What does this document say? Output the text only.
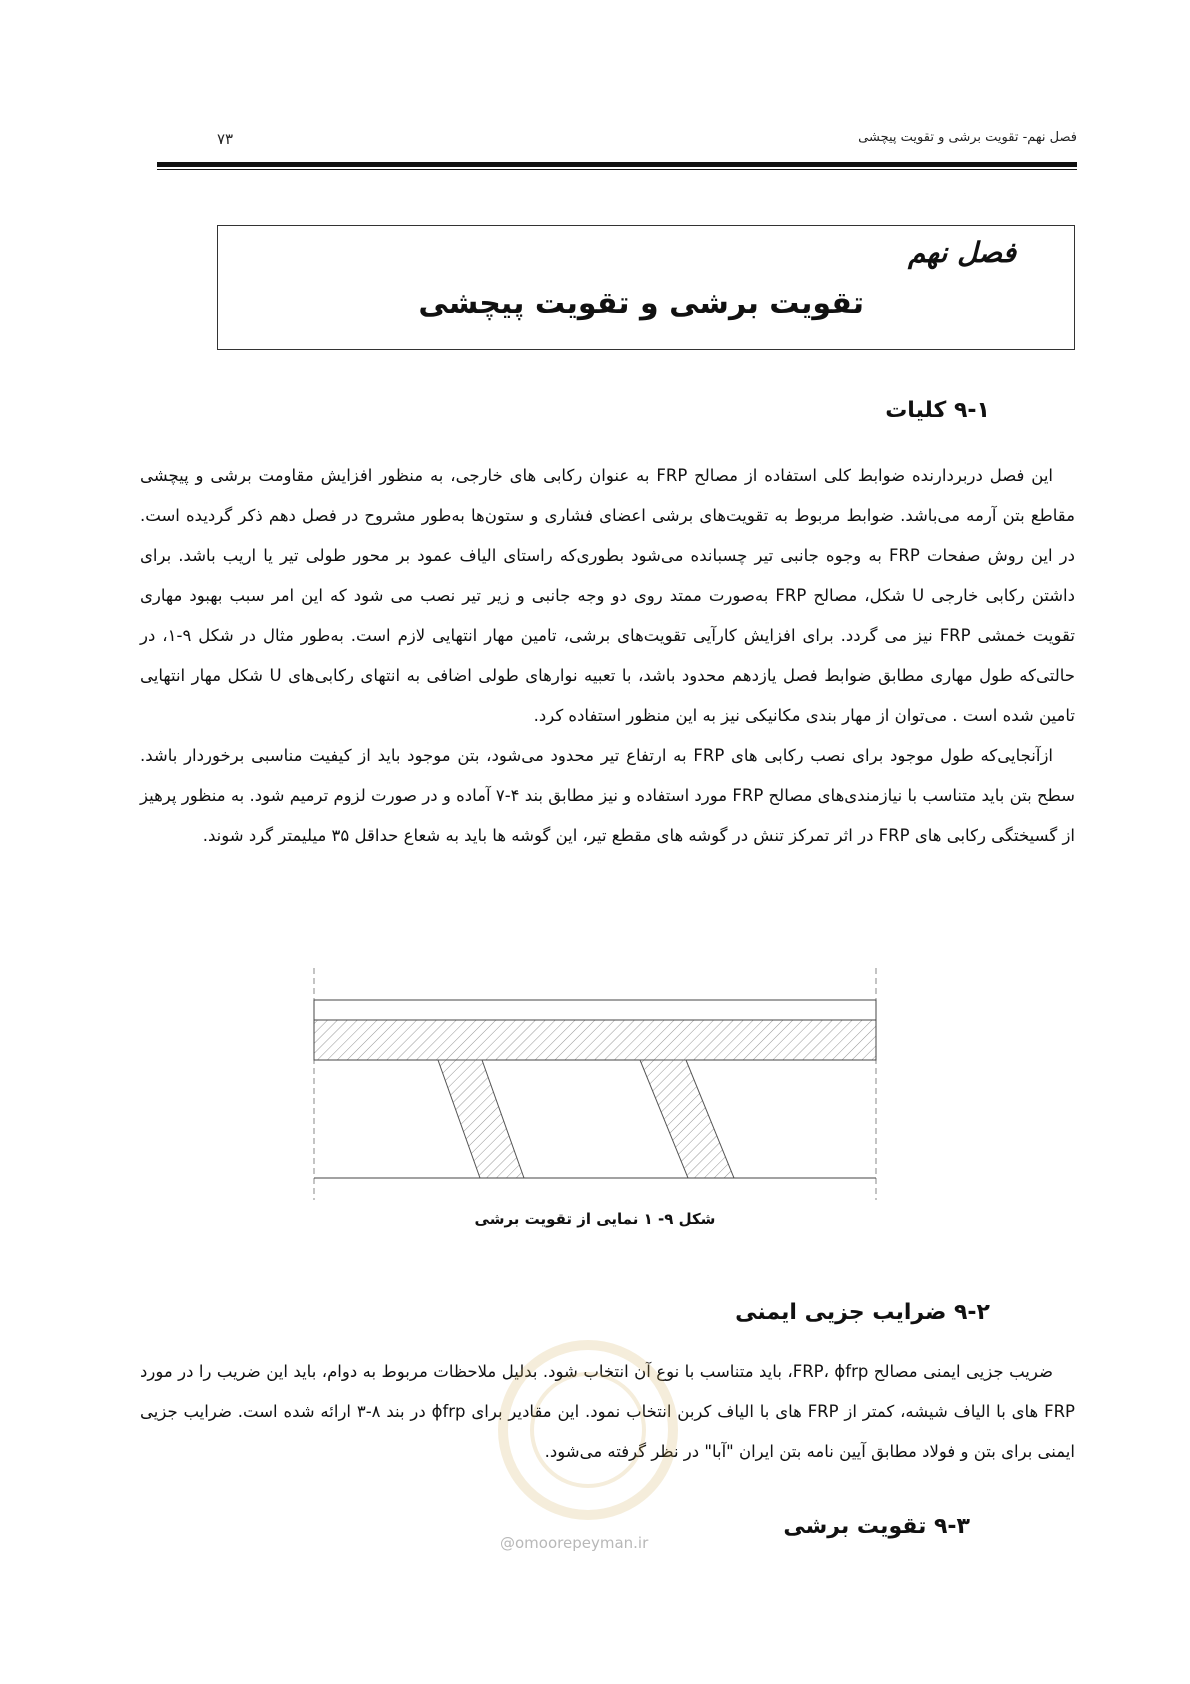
فصل نهم- تقویت برشی و تقویت پیچشی
۷۳
فصل نهم
تقویت برشی و تقویت پیچشی
۹-۱ کلیات

این فصل دربردارنده ضوابط کلی استفاده از مصالح FRP به عنوان رکابی های خارجی، به منظور افزایش مقاومت برشی و پیچشی مقاطع بتن آرمه می‌باشد. ضوابط مربوط به تقویت‌های برشی اعضای فشاری و ستون‌ها به‌طور مشروح در فصل دهم ذکر گردیده است. در این روش صفحات FRP به وجوه جانبی تیر چسبانده می‌شود بطوری‌که راستای الیاف عمود بر محور طولی تیر یا اریب باشد. برای داشتن رکابی خارجی U شکل، مصالح FRP به‌صورت ممتد روی دو وجه جانبی و زیر تیر نصب می شود که این امر سبب بهبود مهاری تقویت خمشی FRP نیز می گردد. برای افزایش کارآیی تقویت‌های برشی، تامین مهار انتهایی لازم است. به‌طور مثال در شکل ۹-۱، در حالتی‌که طول مهاری مطابق ضوابط فصل یازدهم محدود باشد، با تعبیه نوارهای طولی اضافی به انتهای رکابی‌های U شکل مهار انتهایی تامین شده است . می‌توان از مهار بندی مکانیکی نیز به این منظور استفاده کرد.

ازآنجایی‌که طول موجود برای نصب رکابی های FRP به ارتفاع تیر محدود می‌شود، بتن موجود باید از کیفیت مناسبی برخوردار باشد. سطح بتن باید متناسب با نیازمندی‌های مصالح FRP مورد استفاده و نیز مطابق بند ۴-۷ آماده و در صورت لزوم ترمیم شود. به منظور پرهیز از گسیختگی رکابی های FRP در اثر تمرکز تنش در گوشه های مقطع تیر، این گوشه ها باید به شعاع حداقل ۳۵ میلیمتر گرد شوند.

شکل ۹- ۱ نمایی از تقویت برشی
۹-۲ ضرایب جزیی ایمنی

ضریب جزیی ایمنی مصالح FRP، ϕfrp، باید متناسب با نوع آن انتخاب شود. بدلیل ملاحظات مربوط به دوام، باید این ضریب را در مورد FRP های با الیاف شیشه، کمتر از FRP های با الیاف کربن انتخاب نمود. این مقادیر برای ϕfrp در بند ۸-۳ ارائه شده است. ضرایب جزیی ایمنی برای بتن و فولاد مطابق آیین نامه بتن ایران "آبا" در نظر گرفته می‌شود.

@omoorepeyman.ir
۹-۳ تقویت برشی
